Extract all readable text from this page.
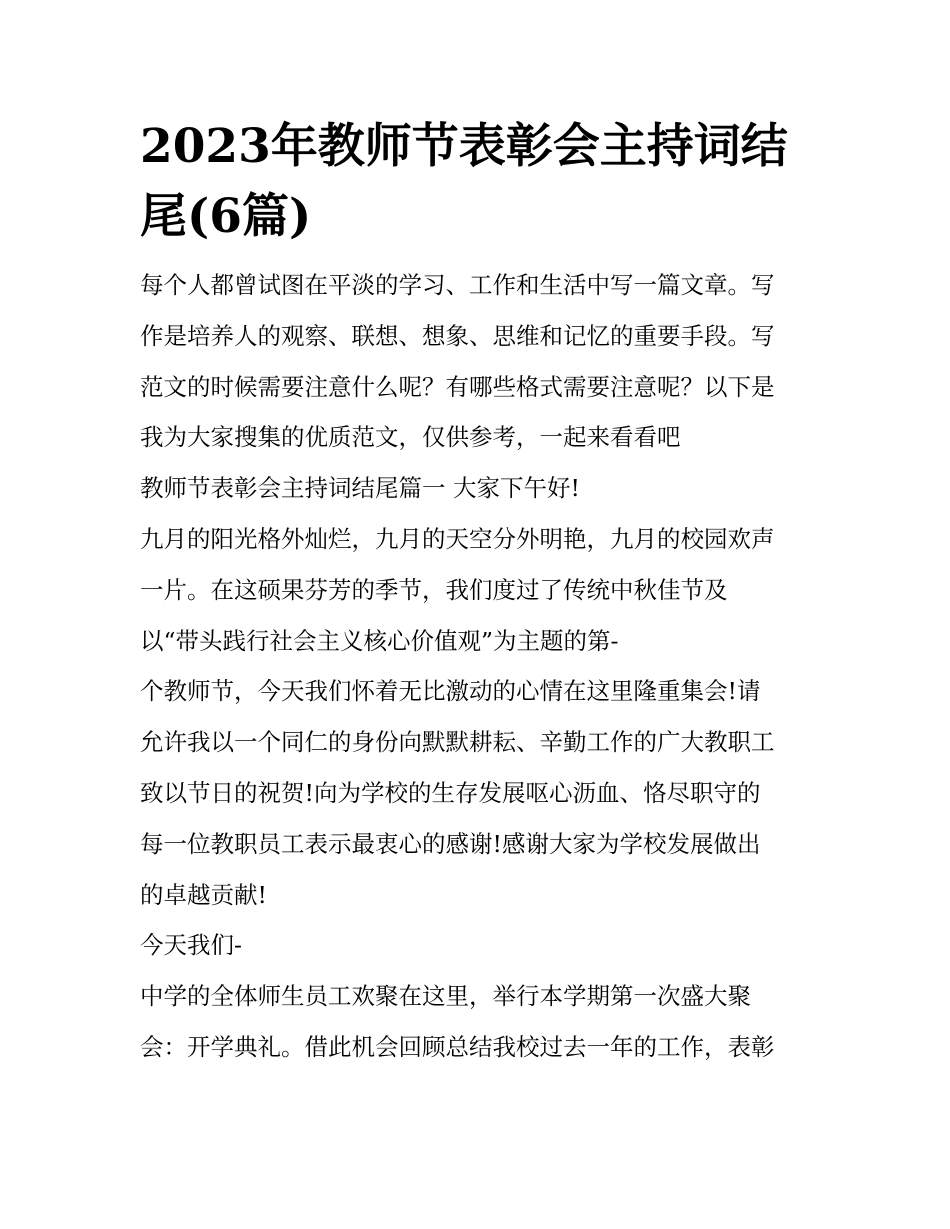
2023年教师节表彰会主持词结
尾(6篇)
每个人都曾试图在平淡的学习、工作和生活中写一篇文章。写
作是培养人的观察、联想、想象、思维和记忆的重要手段。写
范文的时候需要注意什么呢？有哪些格式需要注意呢？以下是
我为大家搜集的优质范文，仅供参考，一起来看看吧
教师节表彰会主持词结尾篇一 大家下午好!
九月的阳光格外灿烂，九月的天空分外明艳，九月的校园欢声
一片。在这硕果芬芳的季节，我们度过了传统中秋佳节及
以“带头践行社会主义核心价值观”为主题的第-
个教师节，今天我们怀着无比激动的心情在这里隆重集会!请
允许我以一个同仁的身份向默默耕耘、辛勤工作的广大教职工
致以节日的祝贺!向为学校的生存发展呕心沥血、恪尽职守的
每一位教职员工表示最衷心的感谢!感谢大家为学校发展做出
的卓越贡献!
今天我们-
中学的全体师生员工欢聚在这里，举行本学期第一次盛大聚
会：开学典礼。借此机会回顾总结我校过去一年的工作，表彰
